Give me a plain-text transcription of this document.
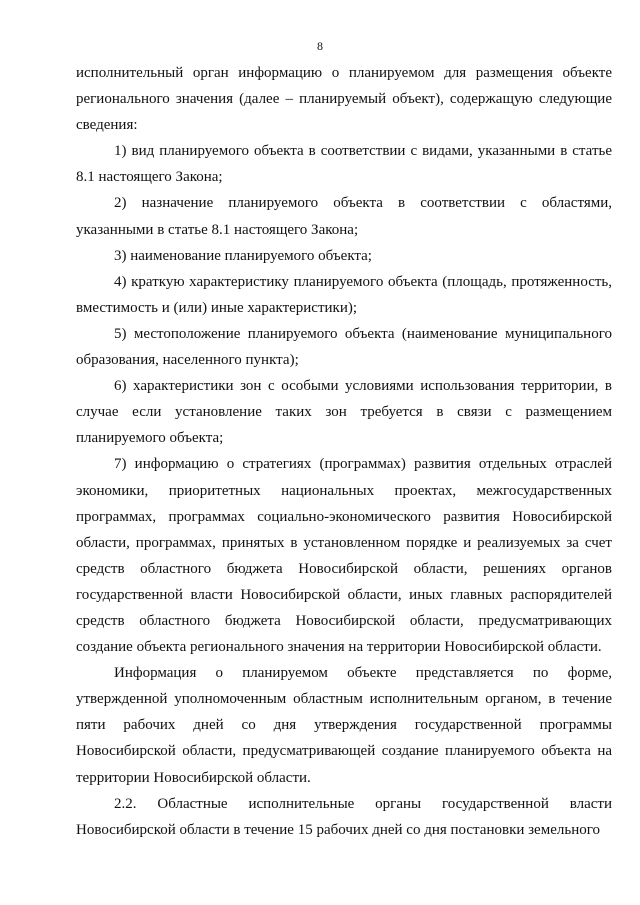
8

исполнительный орган информацию о планируемом для размещения объекте регионального значения (далее – планируемый объект), содержащую следующие сведения:

1) вид планируемого объекта в соответствии с видами, указанными в статье 8.1 настоящего Закона;

2) назначение планируемого объекта в соответствии с областями, указанными в статье 8.1 настоящего Закона;

3) наименование планируемого объекта;

4) краткую характеристику планируемого объекта (площадь, протяженность, вместимость и (или) иные характеристики);

5) местоположение планируемого объекта (наименование муниципального образования, населенного пункта);

6) характеристики зон с особыми условиями использования территории, в случае если установление таких зон требуется в связи с размещением планируемого объекта;

7) информацию о стратегиях (программах) развития отдельных отраслей экономики, приоритетных национальных проектах, межгосударственных программах, программах социально-экономического развития Новосибирской области, программах, принятых в установленном порядке и реализуемых за счет средств областного бюджета Новосибирской области, решениях органов государственной власти Новосибирской области, иных главных распорядителей средств областного бюджета Новосибирской области, предусматривающих создание объекта регионального значения на территории Новосибирской области.

Информация о планируемом объекте представляется по форме, утвержденной уполномоченным областным исполнительным органом, в течение пяти рабочих дней со дня утверждения государственной программы Новосибирской области, предусматривающей создание планируемого объекта на территории Новосибирской области.

2.2. Областные исполнительные органы государственной власти Новосибирской области в течение 15 рабочих дней со дня постановки земельного
